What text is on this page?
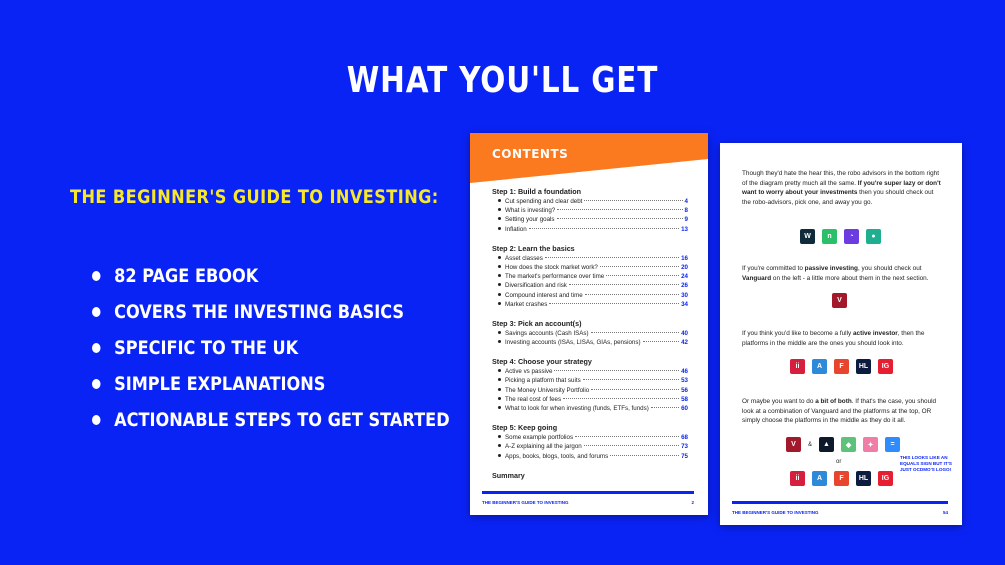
WHAT YOU'LL GET
THE BEGINNER'S GUIDE TO INVESTING:
82 PAGE EBOOK
COVERS THE INVESTING BASICS
SPECIFIC TO THE UK
SIMPLE EXPLANATIONS
ACTIONABLE STEPS TO GET STARTED
CONTENTS
Step 1: Build a foundation
Cut spending and clear debt	4
What is investing?	8
Setting your goals	9
Inflation	13
Step 2: Learn the basics
Asset classes	16
How does the stock market work?	20
The market's performance over time	24
Diversification and risk	26
Compound interest and time	30
Market crashes	34
Step 3: Pick an account(s)
Savings accounts (Cash ISAs)	40
Investing accounts (ISAs, LISAs, GIAs, pensions)	42
Step 4: Choose your strategy
Active vs passive	46
Picking a platform that suits	53
The Money University Portfolio	56
The real cost of fees	58
What to look for when investing (funds, ETFs, funds)	60
Step 5: Keep going
Some example portfolios	68
A-Z explaining all the jargon	73
Apps, books, blogs, tools, and forums	75
Summary
THE BEGINNER'S GUIDE TO INVESTING	2

Though they'd hate the hear this, the robo advisors in the bottom right of the diagram pretty much all the same. If you're super lazy or don't want to worry about your investments then you should check out the robo-advisors, pick one, and away you go.

W	n	◔	●

If you're committed to passive investing, you should check out Vanguard on the left - a little more about them in the next section.

V

If you think you'd like to become a fully active investor, then the platforms in the middle are the ones you should look into.

ii	A	F	HL	IG

Or maybe you want to do a bit of both. If that's the case, you should look at a combination of Vanguard and the platforms at the top, OR simply choose the platforms in the middle as they do it all.

V	&	▲	◆	✦	=
or
ii	A	F	HL	IG
THIS LOOKS LIKE AN EQUALS SIGN BUT IT'S JUST OCDMO'S LOGO!
THE BEGINNER'S GUIDE TO INVESTING	54
